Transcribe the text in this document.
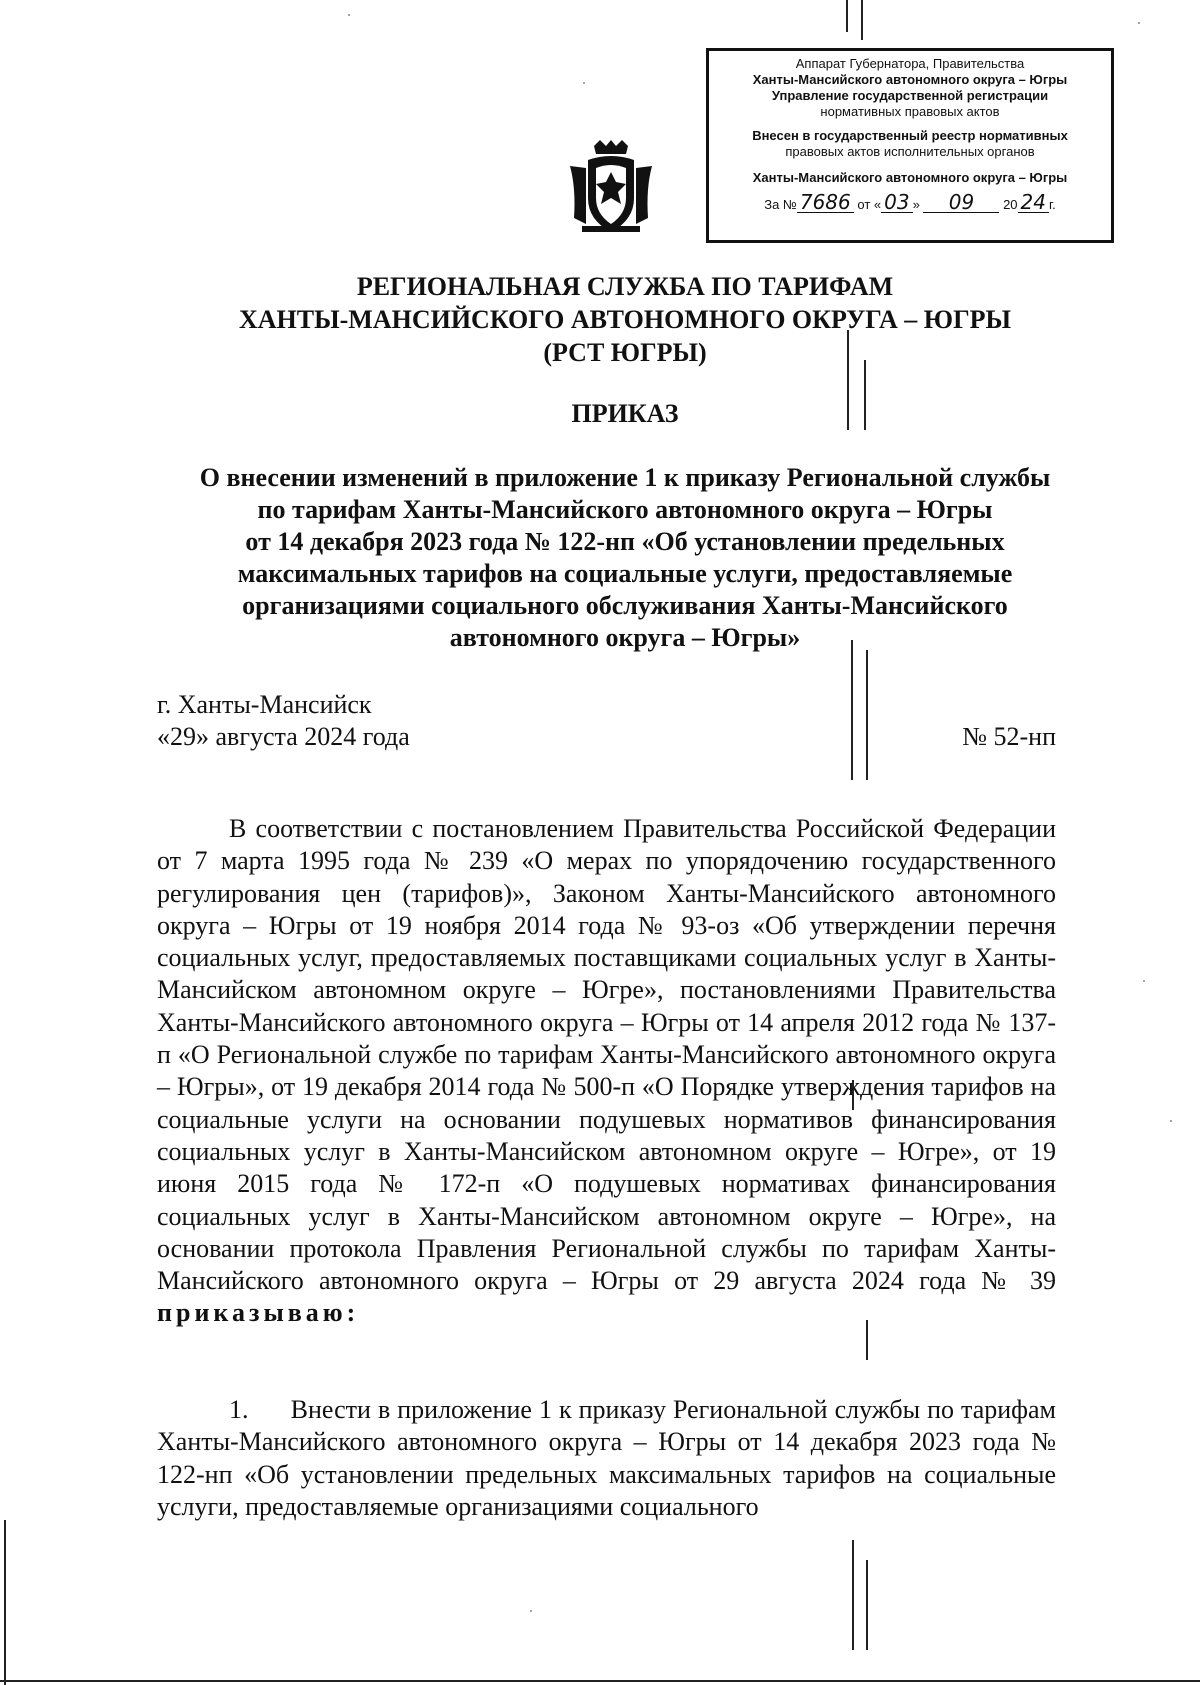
Аппарат Губернатора, Правительства
Ханты-Мансийского автономного округа – Югры
Управление государственной регистрации
нормативных правовых актов
Внесен в государственный реестр нормативных
правовых актов исполнительных органов
Ханты-Мансийского автономного округа – Югры
За № 7686 от « 03 » 09 20 24 г.
РЕГИОНАЛЬНАЯ СЛУЖБА ПО ТАРИФАМ
ХАНТЫ-МАНСИЙСКОГО АВТОНОМНОГО ОКРУГА – ЮГРЫ
(РСТ ЮГРЫ)
ПРИКАЗ
О внесении изменений в приложение 1 к приказу Региональной службы
по тарифам Ханты-Мансийского автономного округа – Югры
от 14 декабря 2023 года № 122-нп «Об установлении предельных
максимальных тарифов на социальные услуги, предоставляемые
организациями социального обслуживания Ханты-Мансийского
автономного округа – Югры»
г. Ханты-Мансийск
«29» августа 2024 года	№ 52-нп

В соответствии с постановлением Правительства Российской Федерации от 7 марта 1995 года № 239 «О мерах по упорядочению государственного регулирования цен (тарифов)», Законом Ханты-Мансийского автономного округа – Югры от 19 ноября 2014 года № 93-оз «Об утверждении перечня социальных услуг, предоставляемых поставщиками социальных услуг в Ханты-Мансийском автономном округе – Югре», постановлениями Правительства Ханты-Мансийского автономного округа – Югры от 14 апреля 2012 года № 137-п «О Региональной службе по тарифам Ханты-Мансийского автономного округа – Югры», от 19 декабря 2014 года № 500-п «О Порядке утверждения тарифов на социальные услуги на основании подушевых нормативов финансирования социальных услуг в Ханты-Мансийском автономном округе – Югре», от 19 июня 2015 года № 172-п «О подушевых нормативах финансирования социальных услуг в Ханты-Мансийском автономном округе – Югре», на основании протокола Правления Региональной службы по тарифам Ханты-Мансийского автономного округа – Югры от 29 августа 2024 года № 39 приказываю:

1. Внести в приложение 1 к приказу Региональной службы по тарифам Ханты-Мансийского автономного округа – Югры от 14 декабря 2023 года № 122-нп «Об установлении предельных максимальных тарифов на социальные услуги, предоставляемые организациями социального
